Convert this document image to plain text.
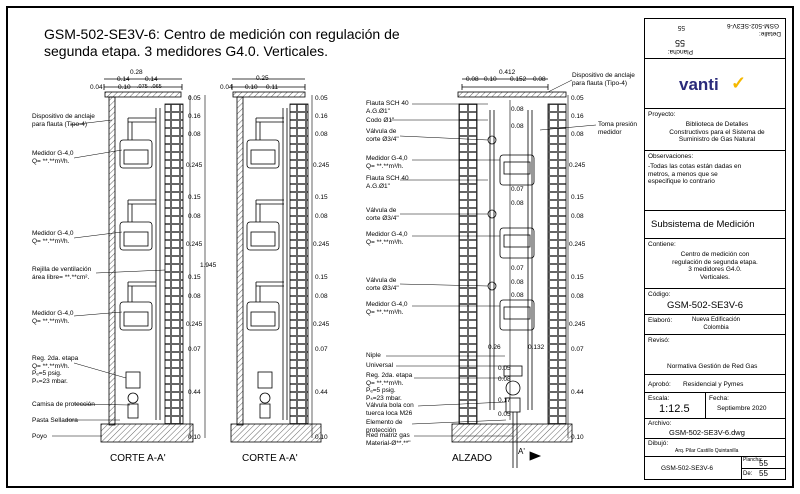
GSM-502-SE3V-6: Centro de medición con regulación de segunda etapa. 3 medidores G4.0. Verticales.
0.28
0.14 0.14
0.04 0.10 .075 .065
0.25
0.04 0.10 0.11
0.412
0.08 0.10 0.152 0.08
0.05
0.16
0.08
0.245
0.15
0.08
0.245
0.15
0.08
0.245
0.07
0.44
0.10
1.945
0.05
0.16
0.08
0.245
0.15
0.08
0.245
0.15
0.08
0.245
0.07
0.44
0.10
0.05
0.16
0.08
0.245
0.15
0.08
0.245
0.15
0.08
0.245
0.07
0.44
0.10
0.08
0.08
0.07
0.08
0.07
0.08
0.08
0.05
0.08
0.17
0.05
0.26	0.132
Dispositivo de anclaje
para flauta (Tipo-4)
Medidor G-4,0
Q= **.**m³/h.
Medidor G-4,0
Q= **.**m³/h.
Rejilla de ventilación
área libre= **.**cm².
Medidor G-4,0
Q= **.**m³/h.
Reg. 2da. etapa
Q= **.**m³/h.
Pₑ=5 psig.
Pₛ=23 mbar.
Camisa de protección
Pasta Selladora
Poyo
Flauta SCH 40
A.G.Ø1"
Codo Ø1"
Válvula de
corte Ø3/4"
Medidor G-4,0
Q= **.**m³/h.
Flauta SCH 40
A.G.Ø1"
Válvula de
corte Ø3/4"
Medidor G-4,0
Q= **.**m³/h.
Válvula de
corte Ø3/4"
Medidor G-4,0
Q= **.**m³/h.
Niple
Universal
Reg. 2da. etapa
Q= **.**m³/h.
Pₑ=5 psig.
Pₛ=23 mbar.
Válvula bola con
tuerca loca M26
Elemento de
protección
Red matriz gas
Material-Ø**.**"
Dispositivo de anclaje
para flauta (Tipo-4)
Toma presión
medidor
CORTE A-A'	CORTE A-A'	ALZADO
A'
Detalle:
GSM-502-SE3V-6
Plancha:
55
55
vanti ✓
Proyecto:
Biblioteca de Detalles
Constructivos para el Sistema de
Suministro de Gas Natural
Observaciones:
-Todas las cotas están dadas en
metros, a menos que se
especifique lo contrario
Subsistema de Medición
Contiene:
Centro de medición con
regulación de segunda etapa.
3 medidores G4.0.
Verticales.
Código:
GSM-502-SE3V-6
Elaboró:	Nueva Edificación
Colombia
Revisó:
Normativa Gestión de Red Gas
Aprobó: Residencial y Pymes
Escala:
1:12.5
Fecha:
Septiembre 2020
Archivo:
GSM-502-SE3V-6.dwg
Dibujó:
Arq. Pilar Castillo Quintanilla
GSM-502-SE3V-6
Plancha:
55
De: 55
